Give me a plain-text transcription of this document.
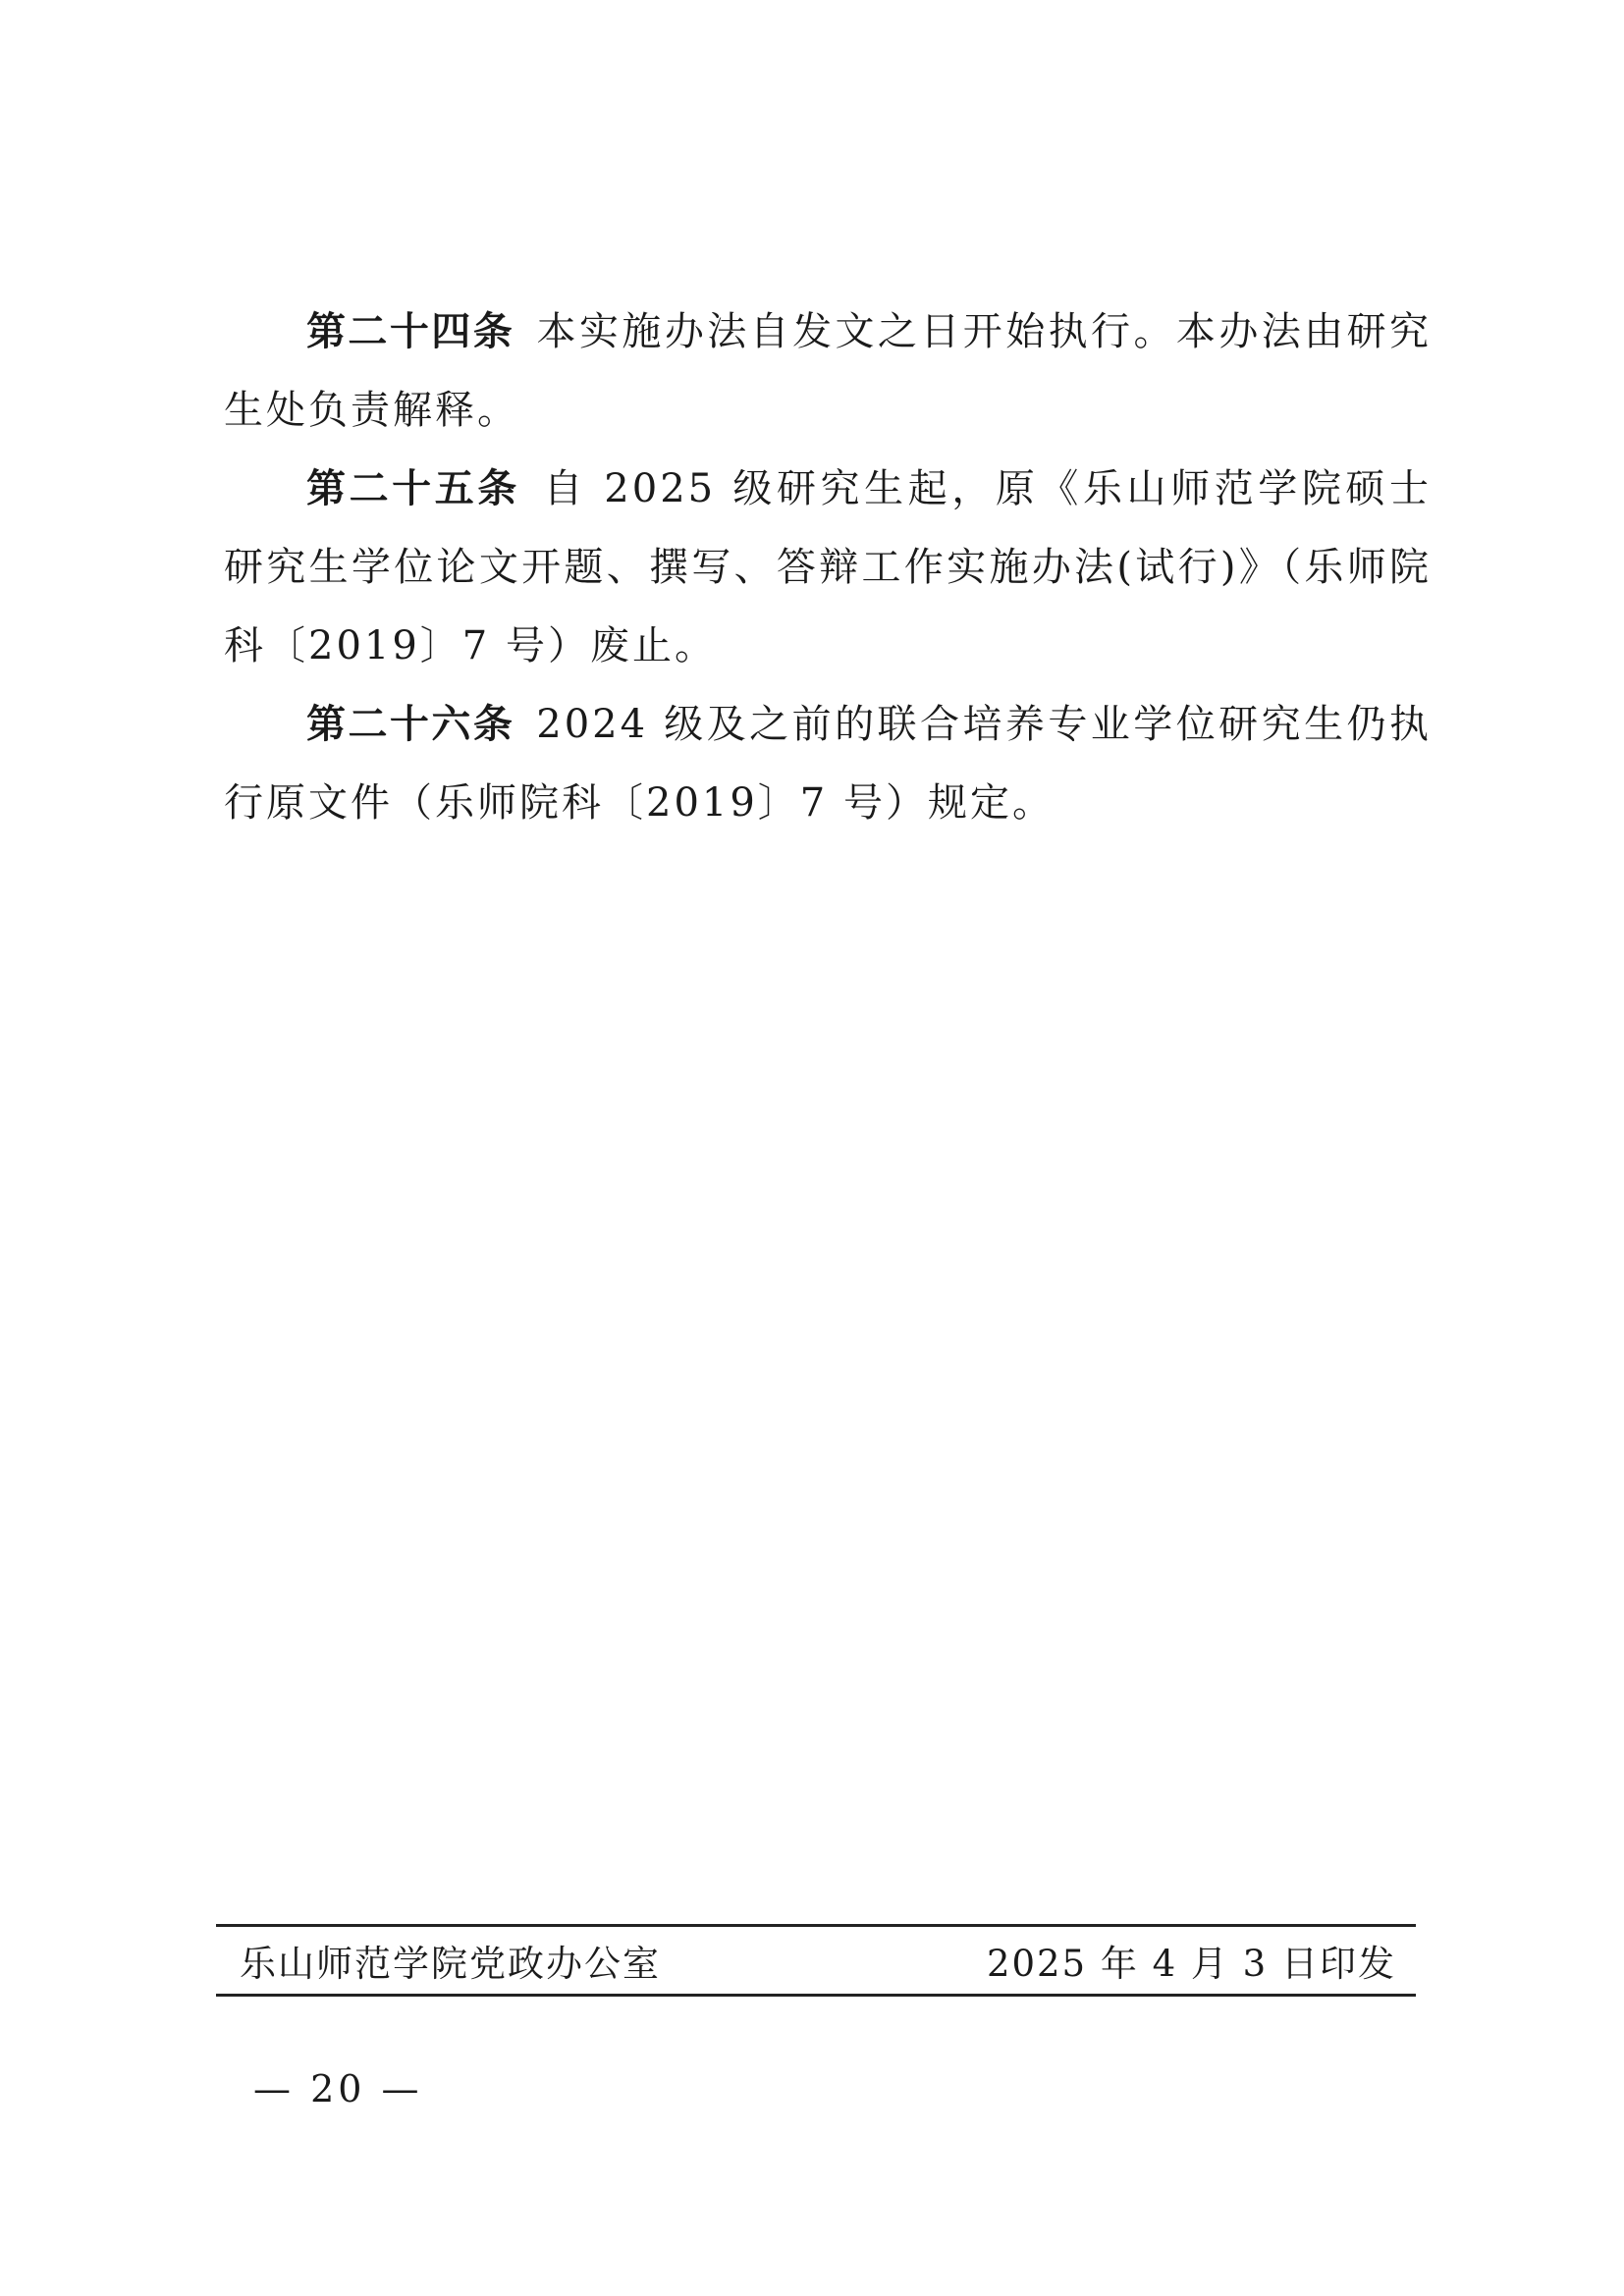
第二十四条 本实施办法自发文之日开始执行。本办法由研究生处负责解释。

第二十五条 自 2025 级研究生起，原《乐山师范学院硕士研究生学位论文开题、撰写、答辩工作实施办法(试行)》（乐师院科〔2019〕7 号）废止。

第二十六条 2024 级及之前的联合培养专业学位研究生仍执行原文件（乐师院科〔2019〕7 号）规定。

乐山师范学院党政办公室	2025 年 4 月 3 日印发
— 20 —
